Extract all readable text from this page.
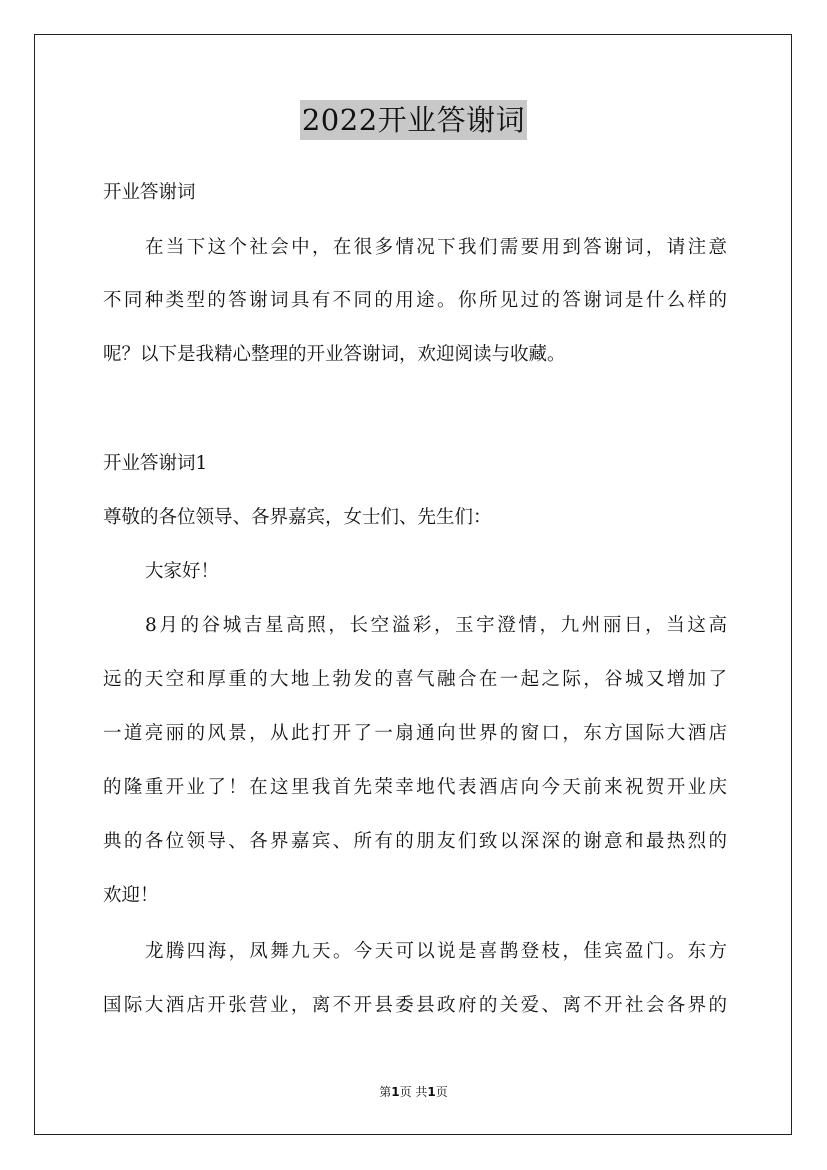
2022开业答谢词
开业答谢词
在当下这个社会中，在很多情况下我们需要用到答谢词，请注意
不同种类型的答谢词具有不同的用途。你所见过的答谢词是什么样的
呢？以下是我精心整理的开业答谢词，欢迎阅读与收藏。
开业答谢词1
尊敬的各位领导、各界嘉宾，女士们、先生们：
大家好！
8月的谷城吉星高照，长空溢彩，玉宇澄情，九州丽日，当这高
远的天空和厚重的大地上勃发的喜气融合在一起之际，谷城又增加了
一道亮丽的风景，从此打开了一扇通向世界的窗口，东方国际大酒店
的隆重开业了！在这里我首先荣幸地代表酒店向今天前来祝贺开业庆
典的各位领导、各界嘉宾、所有的朋友们致以深深的谢意和最热烈的
欢迎！
龙腾四海，凤舞九天。今天可以说是喜鹊登枝，佳宾盈门。东方
国际大酒店开张营业，离不开县委县政府的关爱、离不开社会各界的
第1页 共1页
